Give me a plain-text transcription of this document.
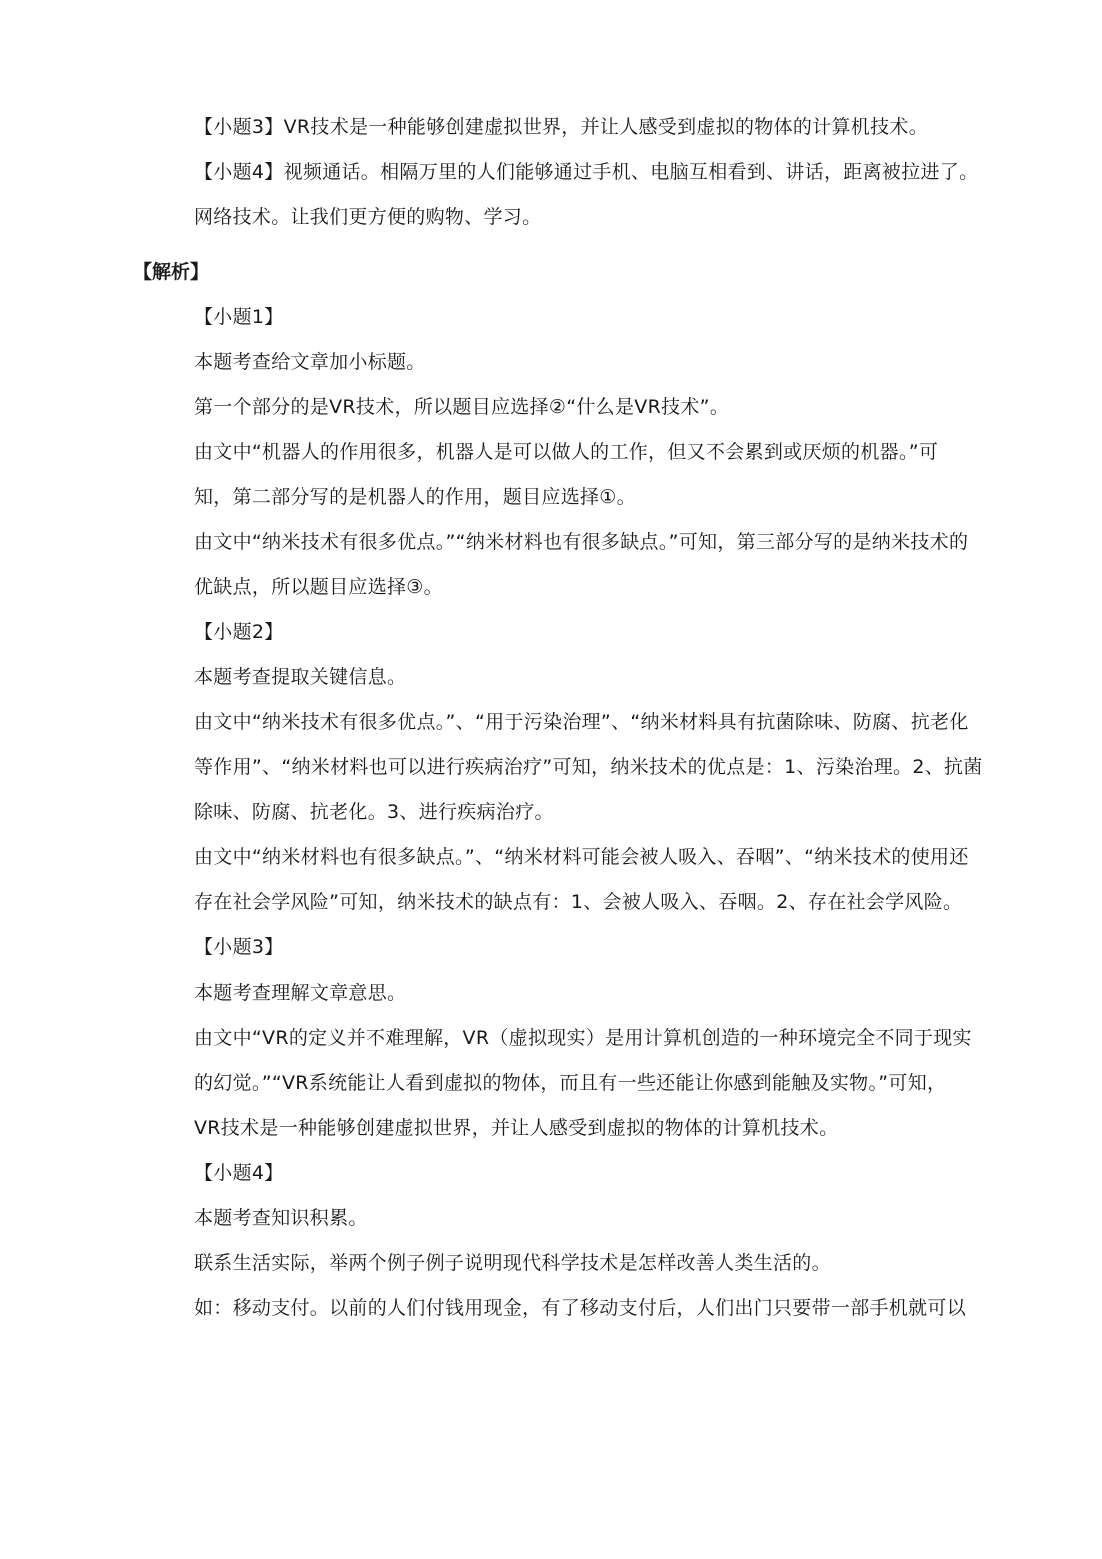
【小题3】VR技术是一种能够创建虚拟世界，并让人感受到虚拟的物体的计算机技术。
【小题4】视频通话。相隔万里的人们能够通过手机、电脑互相看到、讲话，距离被拉进了。
网络技术。让我们更方便的购物、学习。
【解析】
【小题1】
本题考查给文章加小标题。
第一个部分的是VR技术，所以题目应选择②“什么是VR技术”。
由文中“机器人的作用很多，机器人是可以做人的工作，但又不会累到或厌烦的机器。”可
知，第二部分写的是机器人的作用，题目应选择①。
由文中“纳米技术有很多优点。”“纳米材料也有很多缺点。”可知，第三部分写的是纳米技术的
优缺点，所以题目应选择③。
【小题2】
本题考查提取关键信息。
由文中“纳米技术有很多优点。”、“用于污染治理”、“纳米材料具有抗菌除味、防腐、抗老化
等作用”、“纳米材料也可以进行疾病治疗”可知，纳米技术的优点是：1、污染治理。2、抗菌
除味、防腐、抗老化。3、进行疾病治疗。
由文中“纳米材料也有很多缺点。”、“纳米材料可能会被人吸入、吞咽”、“纳米技术的使用还
存在社会学风险”可知，纳米技术的缺点有：1、会被人吸入、吞咽。2、存在社会学风险。
【小题3】
本题考查理解文章意思。
由文中“VR的定义并不难理解，VR（虚拟现实）是用计算机创造的一种环境完全不同于现实
的幻觉。”“VR系统能让人看到虚拟的物体，而且有一些还能让你感到能触及实物。”可知，
VR技术是一种能够创建虚拟世界，并让人感受到虚拟的物体的计算机技术。
【小题4】
本题考查知识积累。
联系生活实际，举两个例子例子说明现代科学技术是怎样改善人类生活的。
如：移动支付。以前的人们付钱用现金，有了移动支付后，人们出门只要带一部手机就可以
